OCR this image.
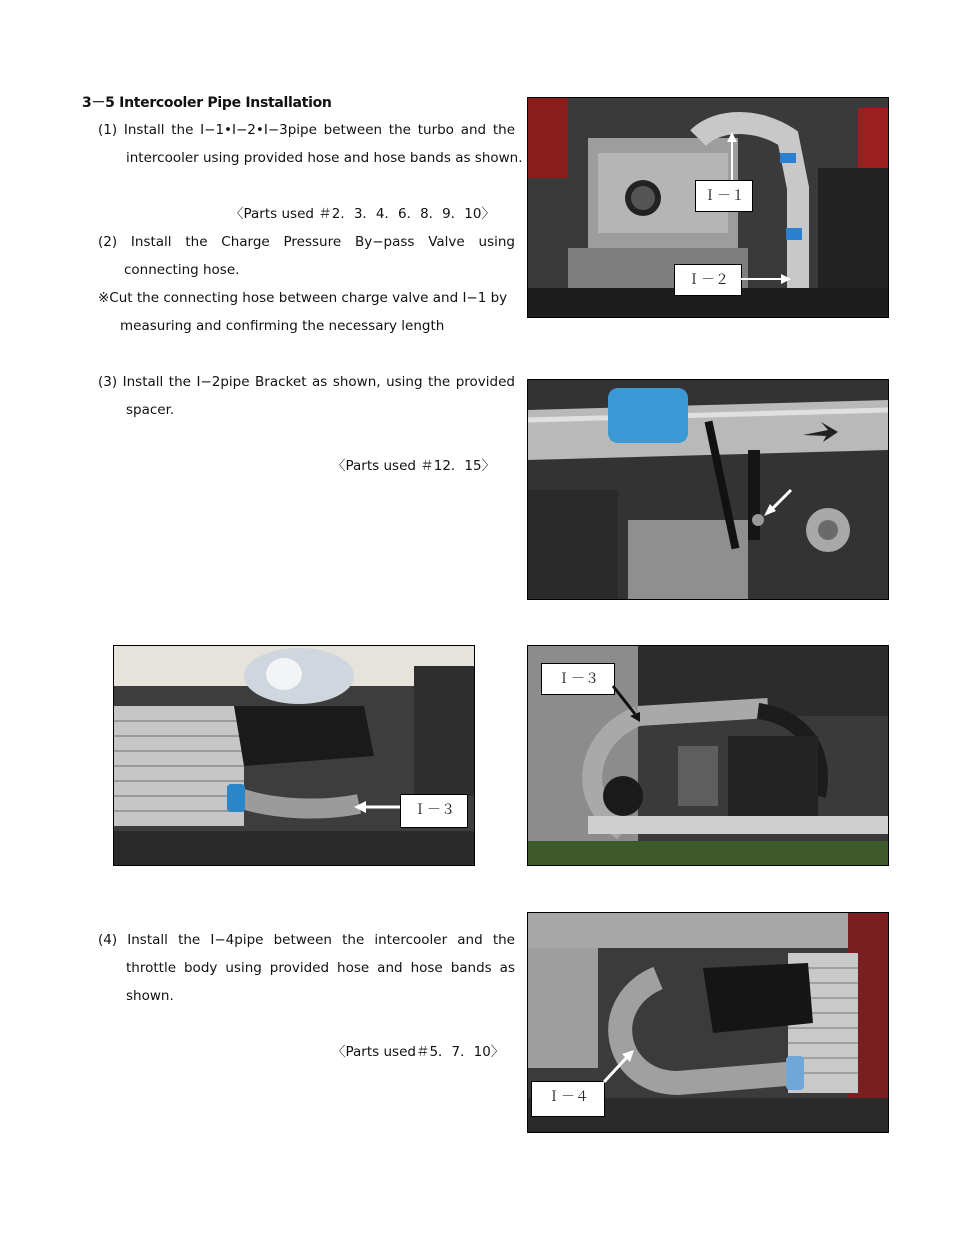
3－5 Intercooler Pipe Installation
(1) Install the I−1•I−2•I−3pipe between the turbo and the
intercooler using provided hose and hose bands as shown.
〈Parts used ＃2．3．4．6．8．9．10〉
(2) Install the Charge Pressure By−pass Valve using
connecting hose.
※Cut the connecting hose between charge valve and I−1 by
measuring and confirming the necessary length
(3) Install the I−2pipe Bracket as shown, using the provided
spacer.
〈Parts used ＃12．15〉
(4) Install the I−4pipe between the intercooler and the
throttle body using provided hose and hose bands as
shown.
〈Parts used＃5．7．10〉
Ｉ－１
Ｉ－２
Ｉ－３
Ｉ－３
Ｉ－４
